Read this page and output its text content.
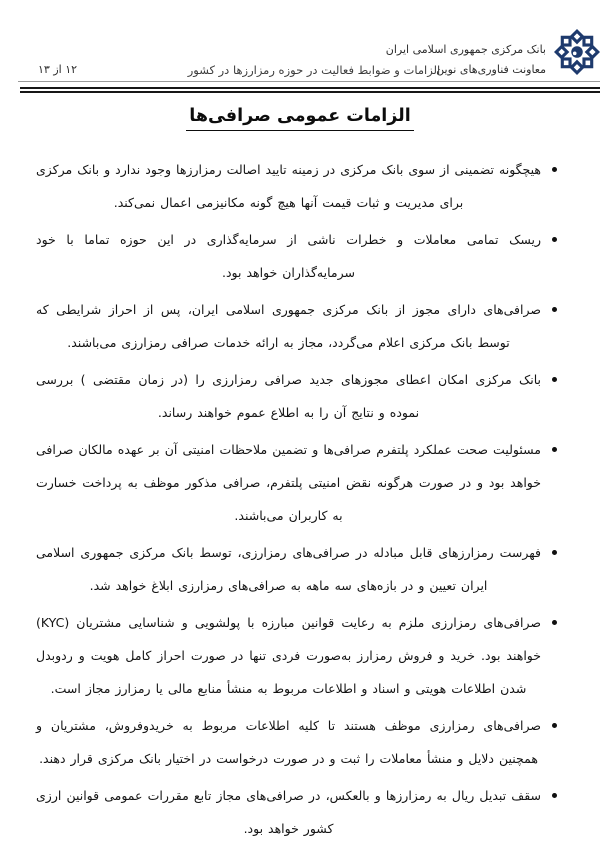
بانک مرکزی جمهوری اسلامی ایران
معاونت فناوری‌های نوین
الزامات و ضوابط فعالیت در حوزه رمزارزها در کشور
۱۲ از ۱۳
الزامات عمومی صرافی‌ها

هیچگونه تضمینی از سوی بانک مرکزی در زمینه تایید اصالت رمزارزها وجود ندارد و بانک مرکزی برای مدیریت و ثبات قیمت آنها هیچ گونه مکانیزمی اعمال نمی‌کند.

ریسک تمامی معاملات و خطرات ناشی از سرمایه‌گذاری در این حوزه تماما با خود سرمایه‌گذاران خواهد بود.

صرافی‌های دارای مجوز از بانک مرکزی جمهوری اسلامی ایران، پس از احراز شرایطی که توسط بانک مرکزی اعلام می‌گردد، مجاز به ارائه خدمات صرافی رمزارزی می‌باشند.

بانک مرکزی امکان اعطای مجوزهای جدید صرافی رمزارزی را (در زمان مقتضی ) بررسی نموده و نتایج آن را به اطلاع عموم خواهند رساند.

مسئولیت صحت عملکرد پلتفرم صرافی‌ها و تضمین ملاحظات امنیتی آن بر عهده مالکان صرافی خواهد بود و در صورت هرگونه نقض امنیتی پلتفرم، صرافی مذکور موظف به پرداخت خسارت به کاربران می‌باشند.

فهرست رمزارزهای قابل مبادله در صرافی‌های رمزارزی، توسط بانک مرکزی جمهوری اسلامی ایران تعیین و در بازه‌های سه ماهه به صرافی‌های رمزارزی ابلاغ خواهد شد.

صرافی‌های رمزارزی ملزم به رعایت قوانین مبارزه با پولشویی و شناسایی مشتریان (KYC) خواهند بود. خرید و فروش رمزارز به‌صورت فردی تنها در صورت احراز کامل هویت و ردوبدل شدن اطلاعات هویتی و اسناد و اطلاعات مربوط به منشأ منابع مالی یا رمزارز مجاز است.

صرافی‌های رمزارزی موظف هستند تا کلیه اطلاعات مربوط به خریدوفروش، مشتریان و همچنین دلایل و منشأ معاملات را ثبت و در صورت درخواست در اختیار بانک مرکزی قرار دهند.

سقف تبدیل ریال به رمزارزها و بالعکس، در صرافی‌های مجاز تابع مقررات عمومی قوانین ارزی کشور خواهد بود.
